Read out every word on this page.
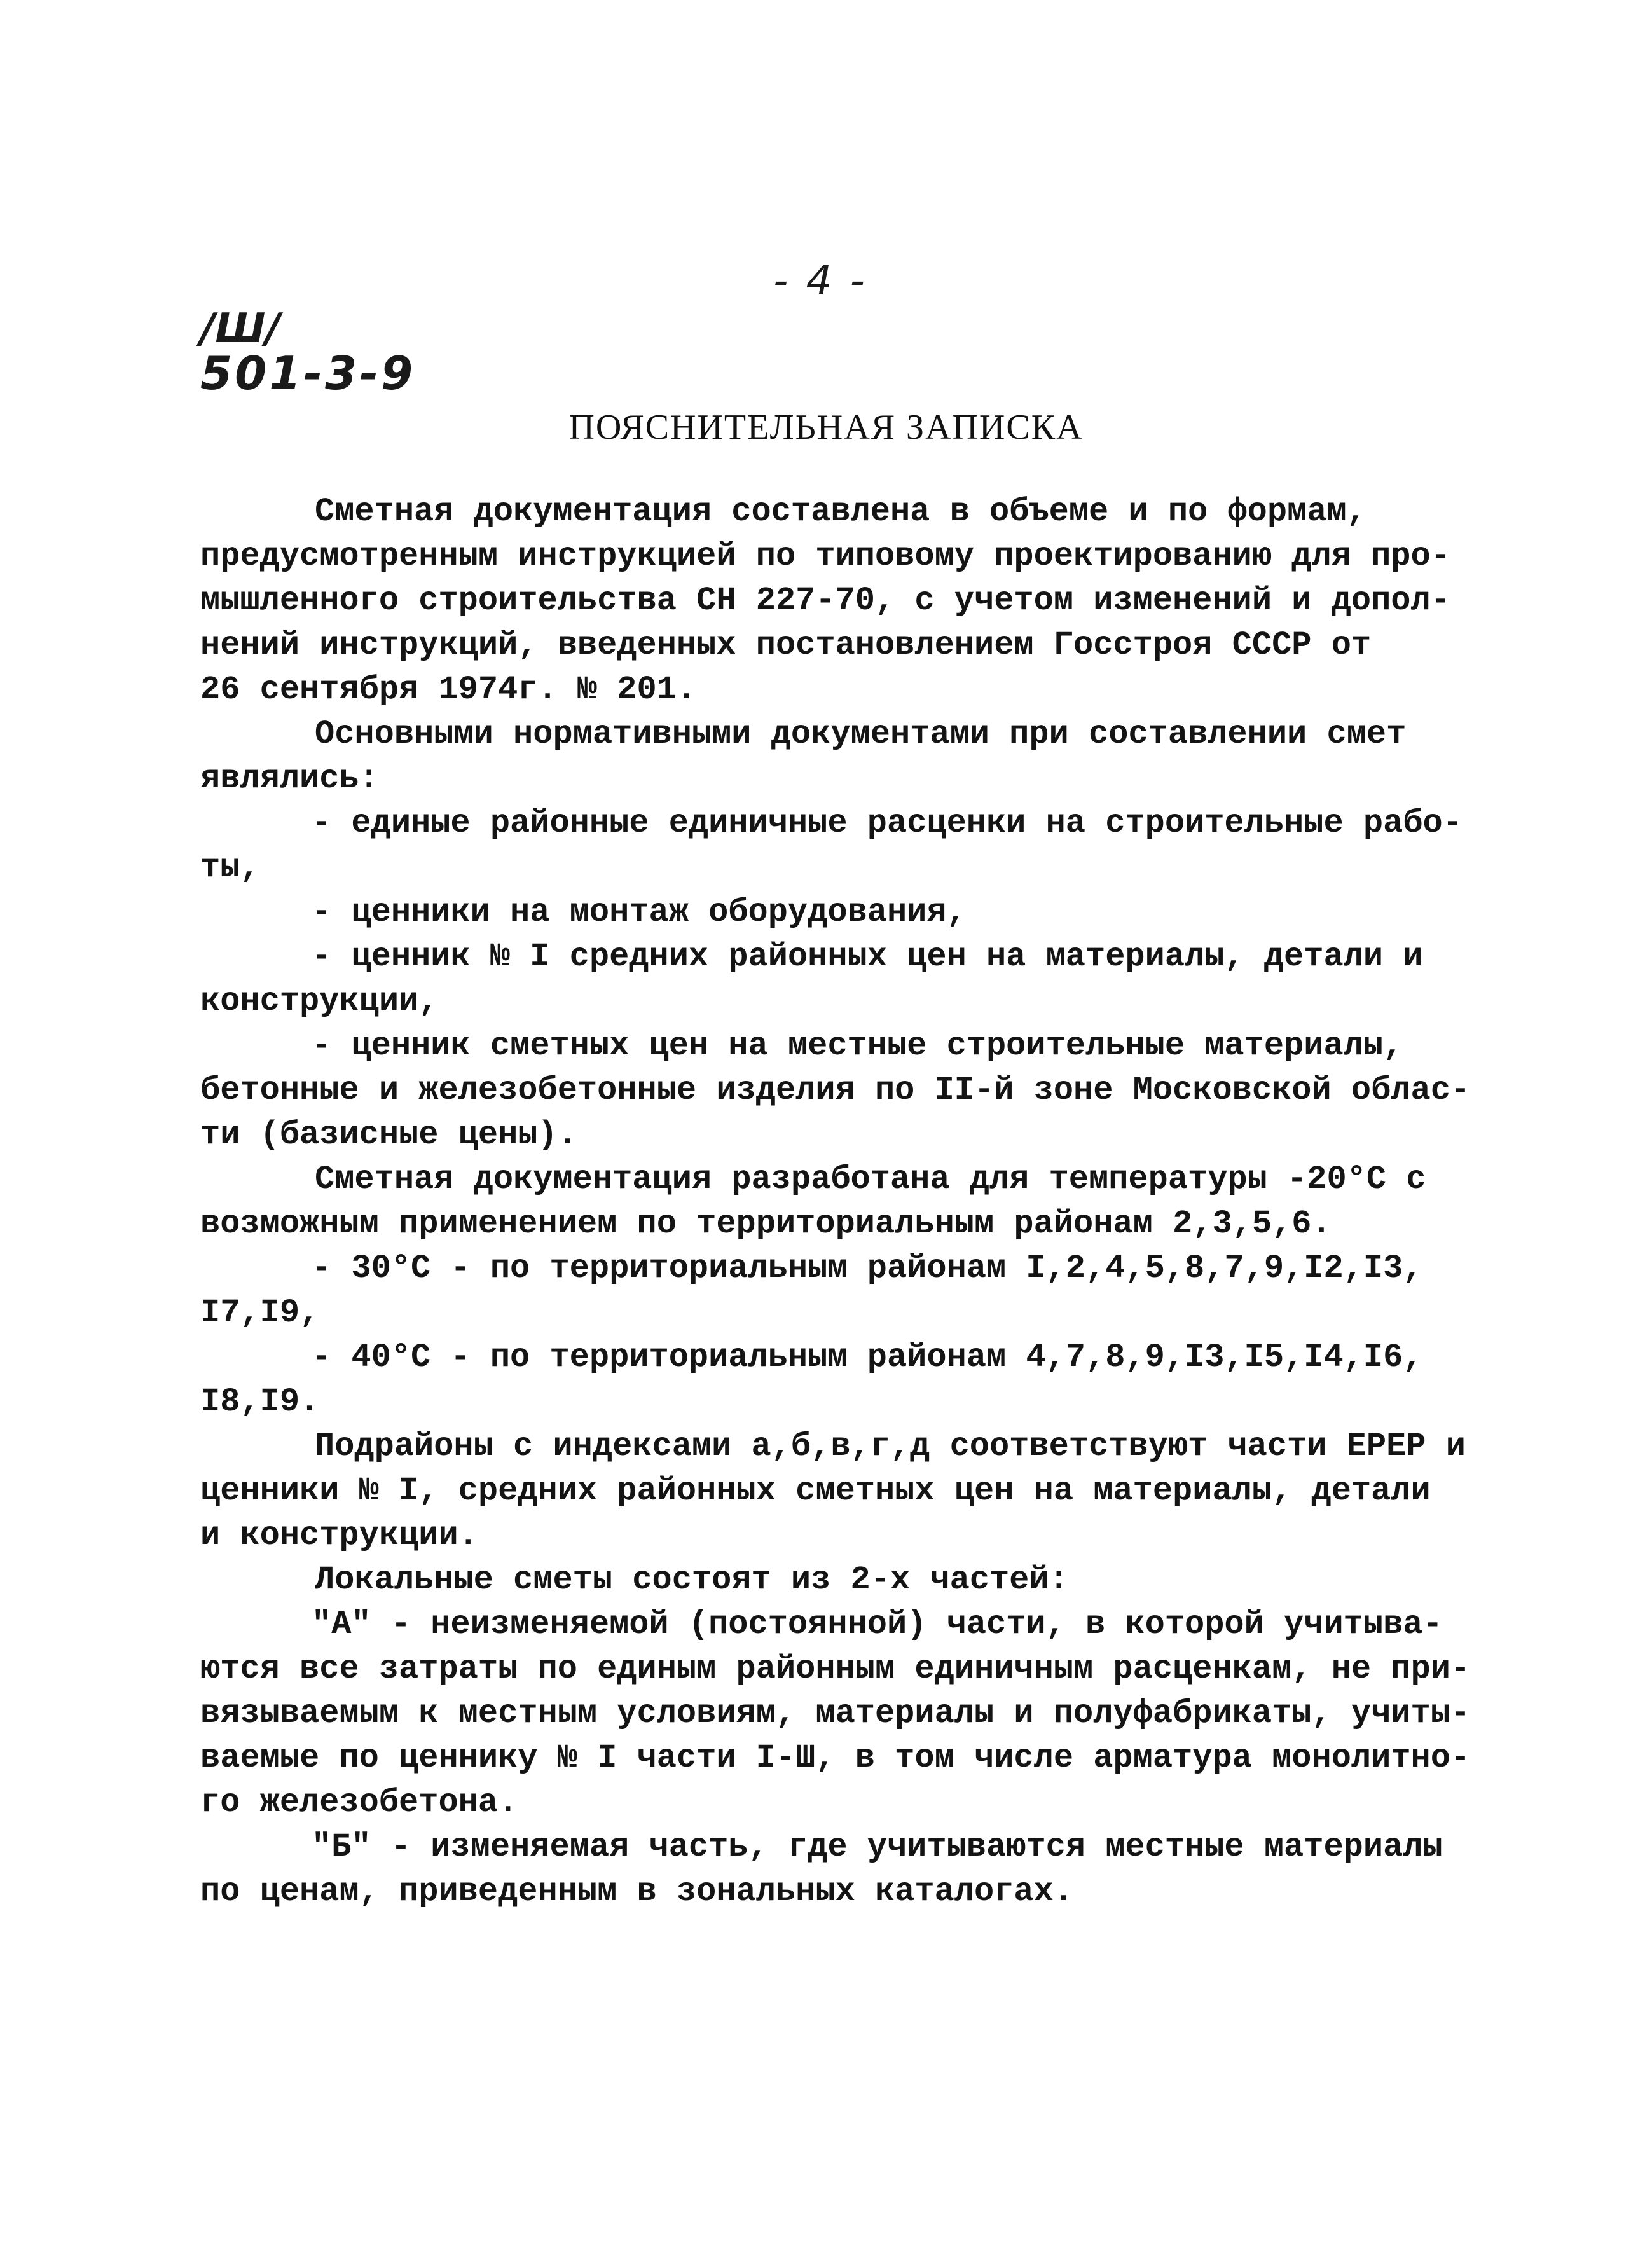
- 4 -
/Ш/
501-3-9
ПОЯСНИТЕЛЬНАЯ ЗАПИСКА
Сметная документация составлена в объеме и по формам,
предусмотренным инструкцией по типовому проектированию для про-
мышленного строительства СН 227-70, с учетом изменений и допол-
нений инструкций, введенных постановлением Госстроя СССР от
26 сентября 1974г. № 201.
Основными нормативными документами при составлении смет
являлись:
- единые районные единичные расценки на строительные рабо-
ты,
- ценники на монтаж оборудования,
- ценник № I средних районных цен на материалы, детали и
конструкции,
- ценник сметных цен на местные строительные материалы,
бетонные и железобетонные изделия по II-й зоне Московской облас-
ти (базисные цены).
Сметная документация разработана для температуры -20°С с
возможным применением по территориальным районам 2,3,5,6.
- 30°С - по территориальным районам I,2,4,5,8,7,9,I2,I3,
I7,I9,
- 40°С - по территориальным районам 4,7,8,9,I3,I5,I4,I6,
I8,I9.
Подрайоны с индексами а,б,в,г,д соответствуют части ЕРЕР и
ценники № I, средних районных сметных цен на материалы, детали
и конструкции.
Локальные сметы состоят из 2-х частей:
"А" - неизменяемой (постоянной) части, в которой учитыва-
ются все затраты по единым районным единичным расценкам, не при-
вязываемым к местным условиям, материалы и полуфабрикаты, учиты-
ваемые по ценнику № I части I-Ш, в том числе арматура монолитно-
го железобетона.
"Б" - изменяемая часть, где учитываются местные материалы
по ценам, приведенным в зональных каталогах.
